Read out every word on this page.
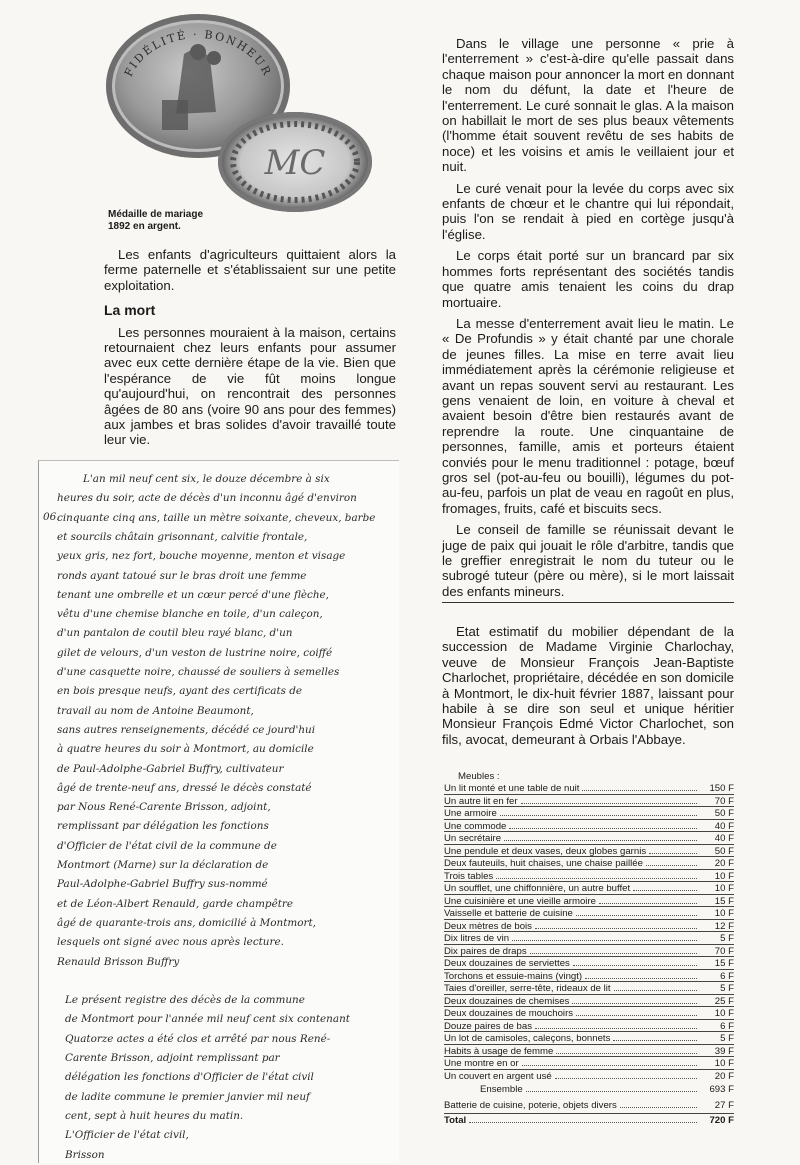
FIDÉLITÉ · BONHEUR
MC
Médaille de mariage
1892 en argent.

Les enfants d'agriculteurs quittaient alors la ferme paternelle et s'établissaient sur une petite exploitation.

La mort

Les personnes mouraient à la maison, certains retournaient chez leurs enfants pour assumer avec eux cette dernière étape de la vie. Bien que l'espérance de vie fût moins longue qu'aujourd'hui, on rencontrait des personnes âgées de 80 ans (voire 90 ans pour des femmes) aux jambes et bras solides d'avoir travaillé toute leur vie.

06.
L'an mil neuf cent six, le douze décembre à six
heures du soir, acte de décès d'un inconnu âgé d'environ
cinquante cinq ans, taille un mètre soixante, cheveux, barbe
et sourcils châtain grisonnant, calvitie frontale,
yeux gris, nez fort, bouche moyenne, menton et visage
ronds ayant tatoué sur le bras droit une femme
tenant une ombrelle et un cœur percé d'une flèche,
vêtu d'une chemise blanche en toile, d'un caleçon,
d'un pantalon de coutil bleu rayé blanc, d'un
gilet de velours, d'un veston de lustrine noire, coiffé
d'une casquette noire, chaussé de souliers à semelles
en bois presque neufs, ayant des certificats de
travail au nom de Antoine Beaumont,
sans autres renseignements, décédé ce jourd'hui
à quatre heures du soir à Montmort, au domicile
de Paul-Adolphe-Gabriel Buffry, cultivateur
âgé de trente-neuf ans, dressé le décès constaté
par Nous René-Carente Brisson, adjoint,
remplissant par délégation les fonctions
d'Officier de l'état civil de la commune de
Montmort (Marne) sur la déclaration de
Paul-Adolphe-Gabriel Buffry sus-nommé
et de Léon-Albert Renauld, garde champêtre
âgé de quarante-trois ans, domicilié à Montmort,
lesquels ont signé avec nous après lecture.
Renauld Brisson Buffry
Le présent registre des décès de la commune
de Montmort pour l'année mil neuf cent six contenant
Quatorze actes a été clos et arrêté par nous René-
Carente Brisson, adjoint remplissant par
délégation les fonctions d'Officier de l'état civil
de ladite commune le premier janvier mil neuf
cent, sept à huit heures du matin.
L'Officier de l'état civil,
Brisson

Dans le village une personne « prie à l'enterrement » c'est-à-dire qu'elle passait dans chaque maison pour annoncer la mort en donnant le nom du défunt, la date et l'heure de l'enterrement. Le curé sonnait le glas. A la maison on habillait le mort de ses plus beaux vêtements (l'homme était souvent revêtu de ses habits de noce) et les voisins et amis le veillaient jour et nuit.

Le curé venait pour la levée du corps avec six enfants de chœur et le chantre qui lui répondait, puis l'on se rendait à pied en cortège jusqu'à l'église.

Le corps était porté sur un brancard par six hommes forts représentant des sociétés tandis que quatre amis tenaient les coins du drap mortuaire.

La messe d'enterrement avait lieu le matin. Le « De Profundis » y était chanté par une chorale de jeunes filles. La mise en terre avait lieu immédiatement après la cérémonie religieuse et avant un repas souvent servi au restaurant. Les gens venaient de loin, en voiture à cheval et avaient besoin d'être bien restaurés avant de reprendre la route. Une cinquantaine de personnes, famille, amis et porteurs étaient conviés pour le menu traditionnel : potage, bœuf gros sel (pot-au-feu ou bouilli), légumes du pot-au-feu, parfois un plat de veau en ragoût en plus, fromages, fruits, café et biscuits secs.

Le conseil de famille se réunissait devant le juge de paix qui jouait le rôle d'arbitre, tandis que le greffier enregistrait le nom du tuteur ou le subrogé tuteur (père ou mère), si le mort laissait des enfants mineurs.

Etat estimatif du mobilier dépendant de la succession de Madame Virginie Charlochay, veuve de Monsieur François Jean-Baptiste Charlochet, propriétaire, décédée en son domicile à Montmort, le dix-huit février 1887, laissant pour habile à se dire son seul et unique héritier Monsieur François Edmé Victor Charlochet, son fils, avocat, demeurant à Orbais l'Abbaye.

Meubles :
Un lit monté et une table de nuit	150 F
Un autre lit en fer	70 F
Une armoire	50 F
Une commode	40 F
Un secrétaire	40 F
Une pendule et deux vases, deux globes garnis	50 F
Deux fauteuils, huit chaises, une chaise paillée	20 F
Trois tables	10 F
Un soufflet, une chiffonnière, un autre buffet	10 F
Une cuisinière et une vieille armoire	15 F
Vaisselle et batterie de cuisine	10 F
Deux mètres de bois	12 F
Dix litres de vin	5 F
Dix paires de draps	70 F
Deux douzaines de serviettes	15 F
Torchons et essuie-mains (vingt)	6 F
Taies d'oreiller, serre-tête, rideaux de lit	5 F
Deux douzaines de chemises	25 F
Deux douzaines de mouchoirs	10 F
Douze paires de bas	6 F
Un lot de camisoles, caleçons, bonnets	5 F
Habits à usage de femme	39 F
Une montre en or	10 F
Un couvert en argent usé	20 F
Ensemble	693 F
Batterie de cuisine, poterie, objets divers	27 F
Total	720 F
